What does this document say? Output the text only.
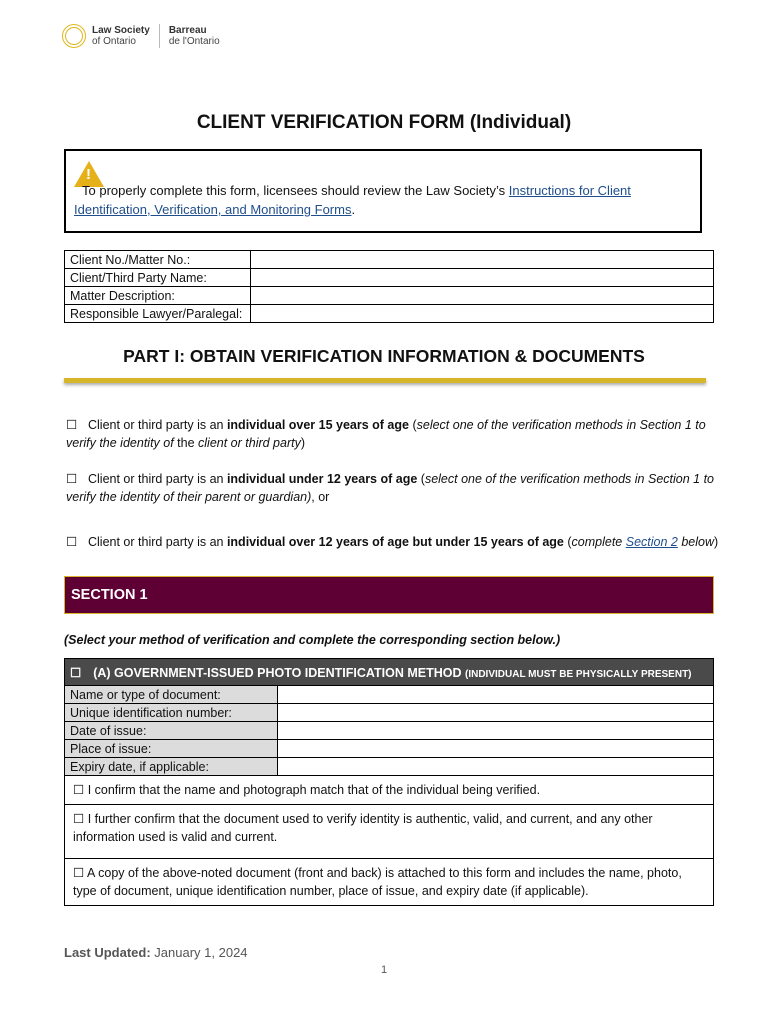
Law Society
of Ontario
Barreau
de l'Ontario
CLIENT VERIFICATION FORM (Individual)
!
To properly complete this form, licensees should review the Law Society’s Instructions for Client Identification, Verification, and Monitoring Forms.
Client No./Matter No.:	
Client/Third Party Name:	
Matter Description:	
Responsible Lawyer/Paralegal:	
PART I: OBTAIN VERIFICATION INFORMATION & DOCUMENTS
☐ Client or third party is an individual over 15 years of age (select one of the verification methods in Section 1 to verify the identity of the client or third party)
☐ Client or third party is an individual under 12 years of age (select one of the verification methods in Section 1 to verify the identity of their parent or guardian), or
☐ Client or third party is an individual over 12 years of age but under 15 years of age (complete Section 2 below)
SECTION 1
(Select your method of verification and complete the corresponding section below.)
☐ (A) GOVERNMENT-ISSUED PHOTO IDENTIFICATION METHOD (INDIVIDUAL MUST BE PHYSICALLY PRESENT)	
Name or type of document:	
Unique identification number:	
Date of issue:	
Place of issue:	
Expiry date, if applicable:	
☐ I confirm that the name and photograph match that of the individual being verified.	
☐ I further confirm that the document used to verify identity is authentic, valid, and current, and any other information used is valid and current.	
☐ A copy of the above-noted document (front and back) is attached to this form and includes the name, photo, type of document, unique identification number, place of issue, and expiry date (if applicable).	
Last Updated: January 1, 2024
1
